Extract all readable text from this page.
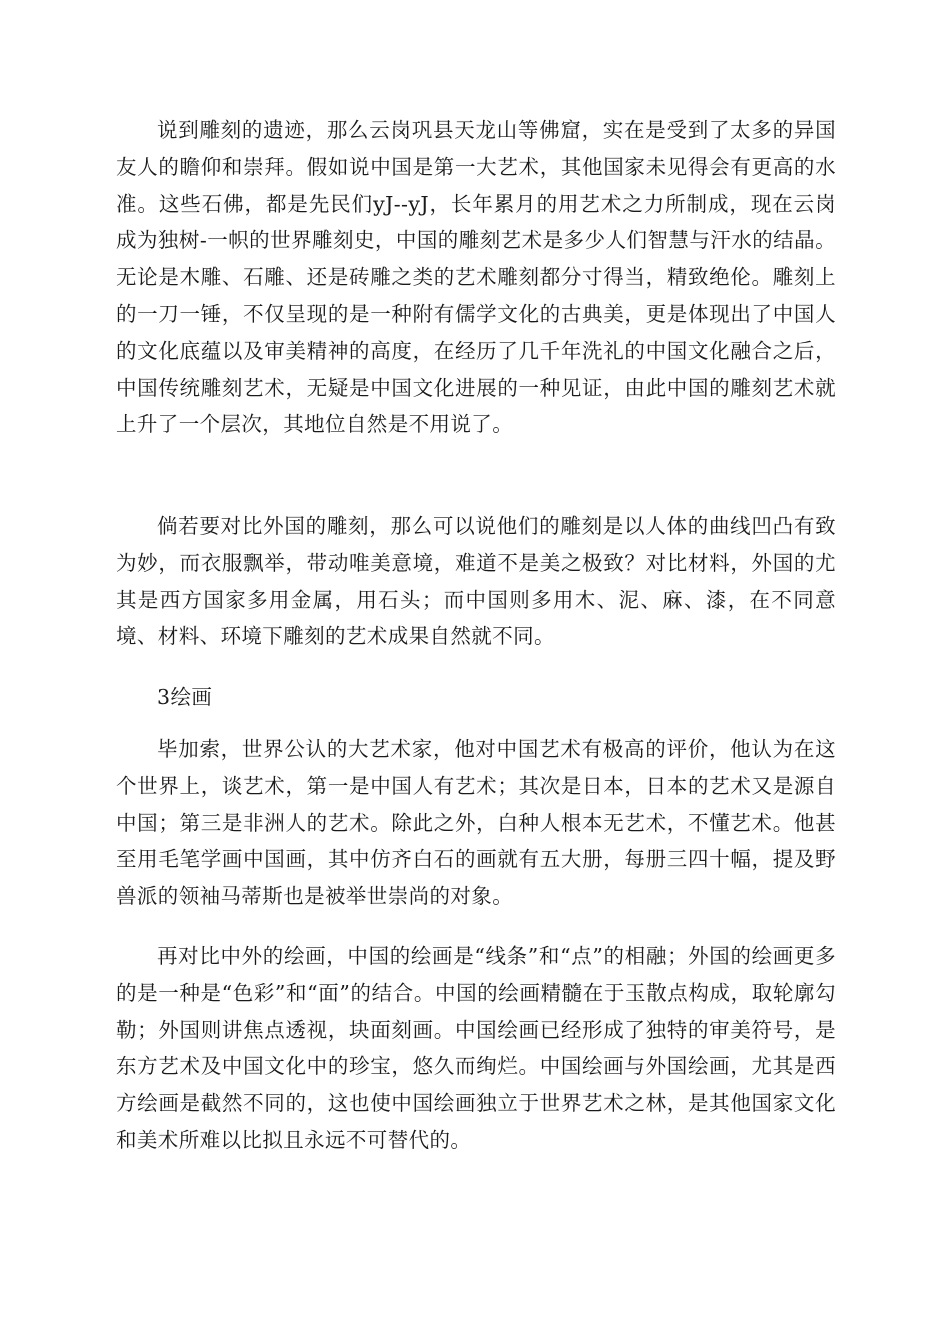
说到雕刻的遗迹，那么云岗巩县天龙山等佛窟，实在是受到了太多的异国友人的瞻仰和崇拜。假如说中国是第一大艺术，其他国家未见得会有更高的水准。这些石佛，都是先民们yJ--yJ，长年累月的用艺术之力所制成，现在云岗成为独树-一帜的世界雕刻史，中国的雕刻艺术是多少人们智慧与汗水的结晶。无论是木雕、石雕、还是砖雕之类的艺术雕刻都分寸得当，精致绝伦。雕刻上的一刀一锤，不仅呈现的是一种附有儒学文化的古典美，更是体现出了中国人的文化底蕴以及审美精神的高度，在经历了几千年洗礼的中国文化融合之后，中国传统雕刻艺术，无疑是中国文化进展的一种见证，由此中国的雕刻艺术就上升了一个层次，其地位自然是不用说了。

倘若要对比外国的雕刻，那么可以说他们的雕刻是以人体的曲线凹凸有致为妙，而衣服飘举，带动唯美意境，难道不是美之极致？对比材料，外国的尤其是西方国家多用金属，用石头；而中国则多用木、泥、麻、漆，在不同意境、材料、环境下雕刻的艺术成果自然就不同。

3绘画

毕加索，世界公认的大艺术家，他对中国艺术有极高的评价，他认为在这个世界上，谈艺术，第一是中国人有艺术；其次是日本，日本的艺术又是源自中国；第三是非洲人的艺术。除此之外，白种人根本无艺术，不懂艺术。他甚至用毛笔学画中国画，其中仿齐白石的画就有五大册，每册三四十幅，提及野兽派的领袖马蒂斯也是被举世崇尚的对象。

再对比中外的绘画，中国的绘画是“线条”和“点”的相融；外国的绘画更多的是一种是“色彩”和“面”的结合。中国的绘画精髓在于玉散点构成，取轮廓勾勒；外国则讲焦点透视，块面刻画。中国绘画已经形成了独特的审美符号，是东方艺术及中国文化中的珍宝，悠久而绚烂。中国绘画与外国绘画，尤其是西方绘画是截然不同的，这也使中国绘画独立于世界艺术之林，是其他国家文化和美术所难以比拟且永远不可替代的。
